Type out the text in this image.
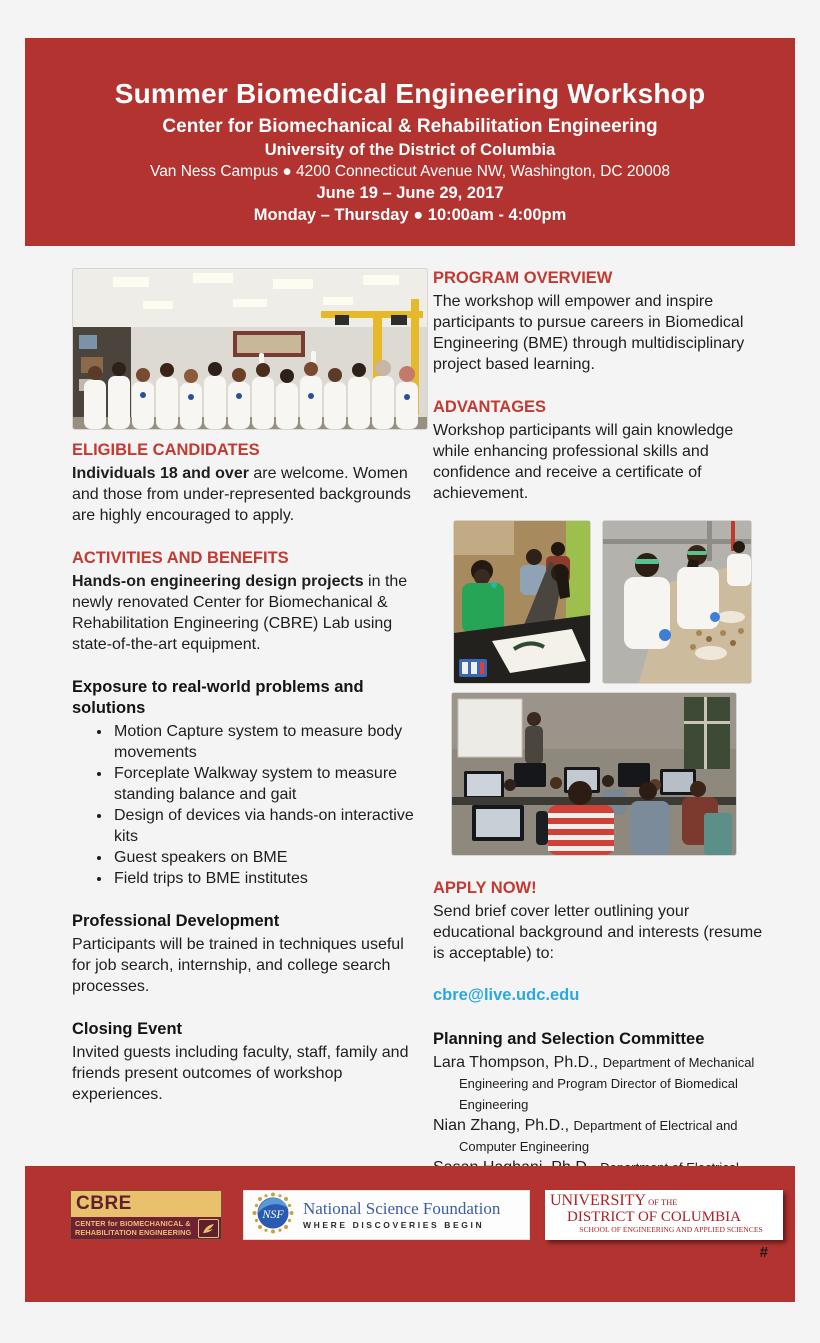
Summer Biomedical Engineering Workshop
Center for Biomechanical & Rehabilitation Engineering
University of the District of Columbia
Van Ness Campus ● 4200 Connecticut Avenue NW, Washington, DC 20008
June 19 – June 29, 2017
Monday – Thursday ● 10:00am - 4:00pm
ELIGIBLE CANDIDATES

Individuals 18 and over are welcome. Women and those from under-represented backgrounds are highly encouraged to apply.

ACTIVITIES AND BENEFITS

Hands-on engineering design projects in the newly renovated Center for Biomechanical & Rehabilitation Engineering (CBRE) Lab using state-of-the-art equipment.

Exposure to real-world problems and solutions
• Motion Capture system to measure body movements
• Forceplate Walkway system to measure standing balance and gait
• Design of devices via hands-on interactive kits
• Guest speakers on BME
• Field trips to BME institutes
Professional Development

Participants will be trained in techniques useful for job search, internship, and college search processes.

Closing Event

Invited guests including faculty, staff, family and friends present outcomes of workshop experiences.

PROGRAM OVERVIEW

The workshop will empower and inspire participants to pursue careers in Biomedical Engineering (BME) through multidisciplinary project based learning.

ADVANTAGES

Workshop participants will gain knowledge while enhancing professional skills and confidence and receive a certificate of achievement.

APPLY NOW!

Send brief cover letter outlining your educational background and interests (resume is acceptable) to:

cbre@live.udc.edu
Planning and Selection Committee

Lara Thompson, Ph.D., Department of Mechanical Engineering and Program Director of Biomedical Engineering

Nian Zhang, Ph.D., Department of Electrical and Computer Engineering

CBRE
CENTER for BIOMECHANICAL &
REHABILITATION ENGINEERING
NSF National Science Foundation
WHERE DISCOVERIES BEGIN
UNIVERSITY OF THE
DISTRICT OF COLUMBIA
SCHOOL OF ENGINEERING AND APPLIED SCIENCES
#
